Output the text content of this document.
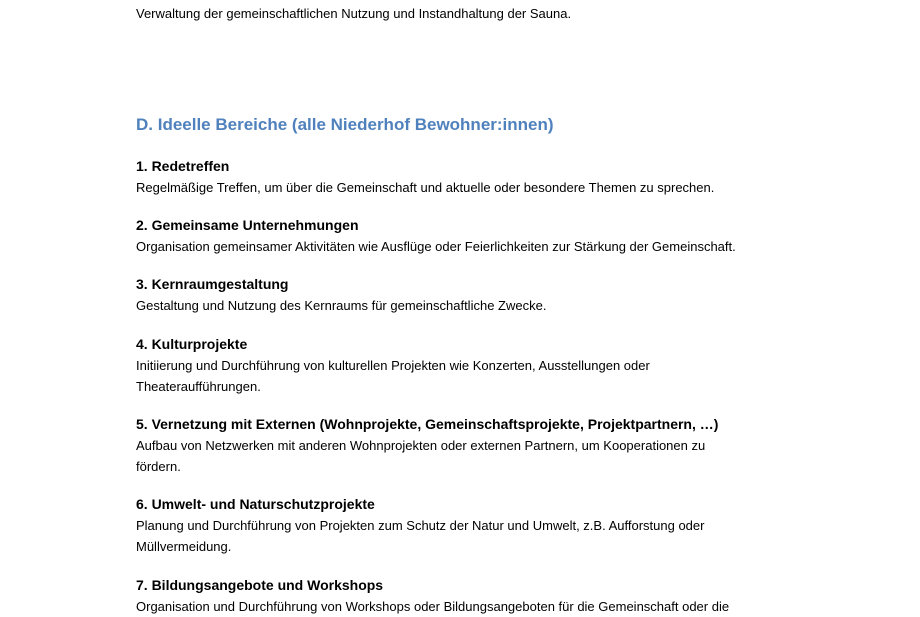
Verwaltung der gemeinschaftlichen Nutzung und Instandhaltung der Sauna.
D. Ideelle Bereiche (alle Niederhof Bewohner:innen)
1. Redetreffen
Regelmäßige Treffen, um über die Gemeinschaft und aktuelle oder besondere Themen zu sprechen.
2. Gemeinsame Unternehmungen
Organisation gemeinsamer Aktivitäten wie Ausflüge oder Feierlichkeiten zur Stärkung der Gemeinschaft.
3. Kernraumgestaltung
Gestaltung und Nutzung des Kernraums für gemeinschaftliche Zwecke.
4. Kulturprojekte
Initiierung und Durchführung von kulturellen Projekten wie Konzerten, Ausstellungen oder
Theateraufführungen.
5. Vernetzung mit Externen (Wohnprojekte, Gemeinschaftsprojekte, Projektpartnern, …)
Aufbau von Netzwerken mit anderen Wohnprojekten oder externen Partnern, um Kooperationen zu
fördern.
6. Umwelt- und Naturschutzprojekte
Planung und Durchführung von Projekten zum Schutz der Natur und Umwelt, z.B. Aufforstung oder
Müllvermeidung.
7. Bildungsangebote und Workshops
Organisation und Durchführung von Workshops oder Bildungsangeboten für die Gemeinschaft oder die
